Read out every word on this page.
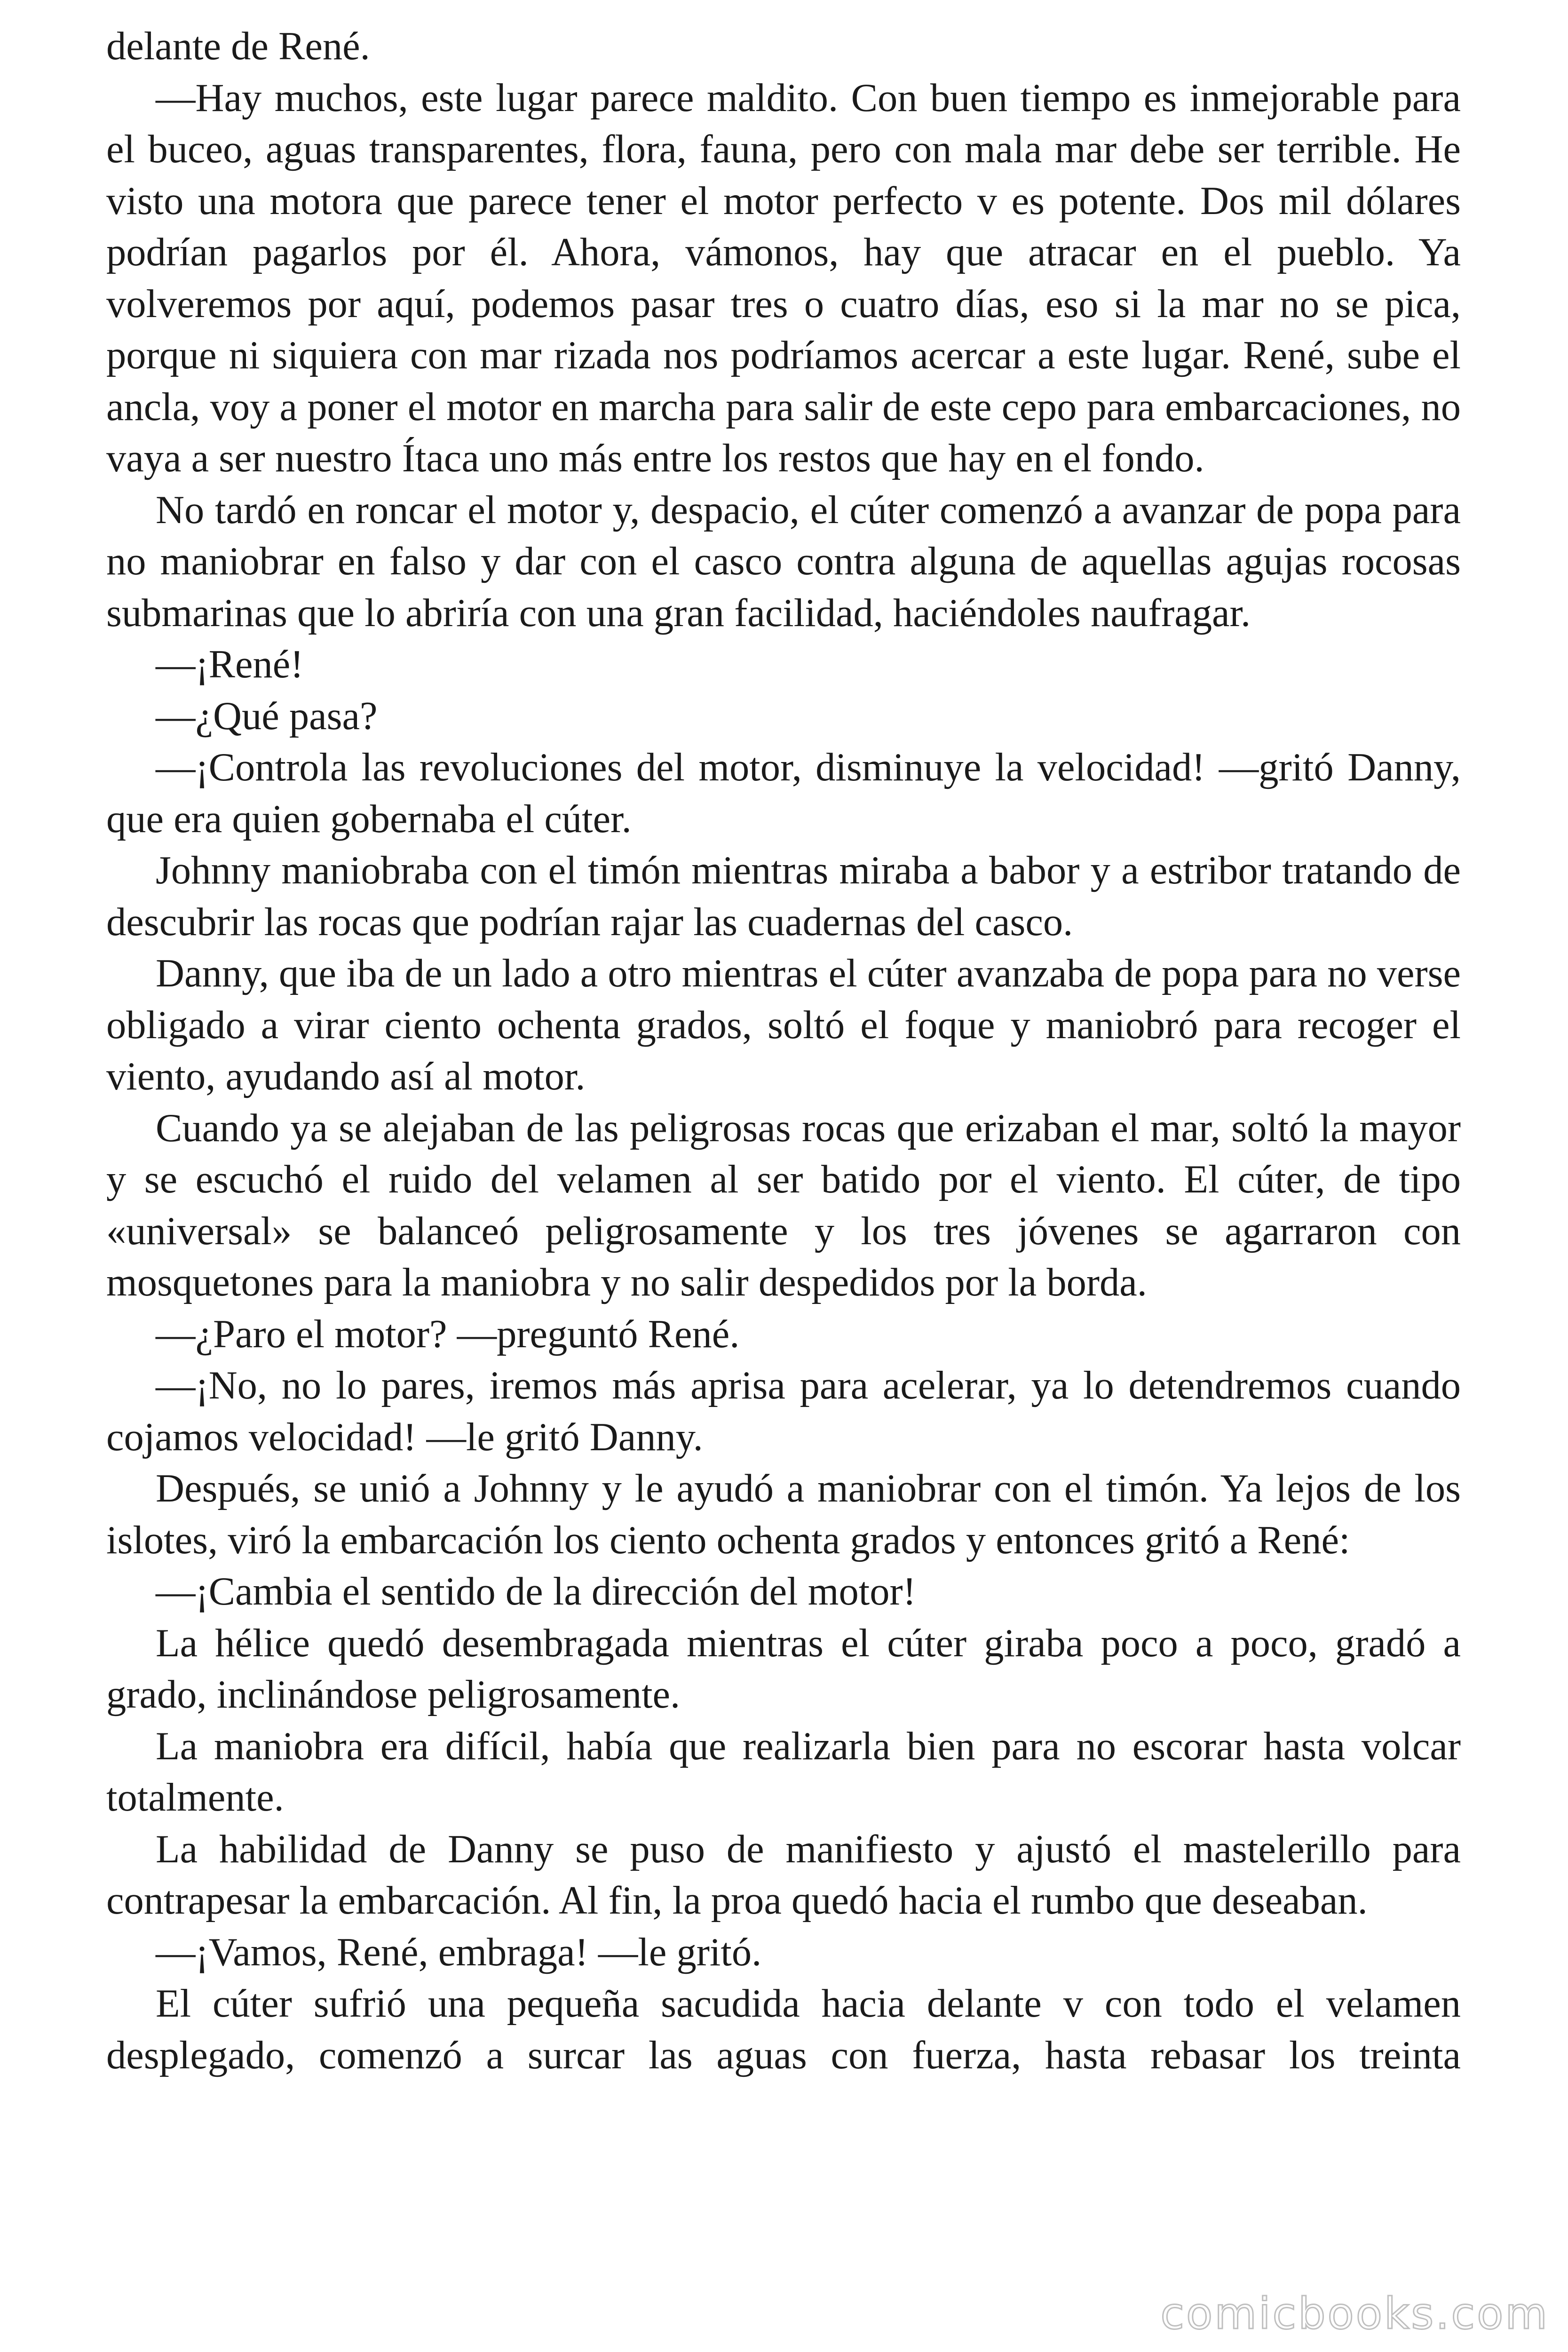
delante de René.

—Hay muchos, este lugar parece maldito. Con buen tiempo es inmejorable para el buceo, aguas transparentes, flora, fauna, pero con mala mar debe ser terrible. He visto una motora que parece tener el motor perfecto v es potente. Dos mil dólares podrían pagarlos por él. Ahora, vámonos, hay que atracar en el pueblo. Ya volveremos por aquí, podemos pasar tres o cuatro días, eso si la mar no se pica, porque ni siquiera con mar rizada nos podríamos acercar a este lugar. René, sube el ancla, voy a poner el motor en marcha para salir de este cepo para embarcaciones, no vaya a ser nuestro Ítaca uno más entre los restos que hay en el fondo.

No tardó en roncar el motor y, despacio, el cúter comenzó a avanzar de popa para no maniobrar en falso y dar con el casco contra alguna de aquellas agujas rocosas submarinas que lo abriría con una gran facilidad, haciéndoles naufragar.

—¡René!

—¿Qué pasa?

—¡Controla las revoluciones del motor, disminuye la velocidad! —gritó Danny, que era quien gobernaba el cúter.

Johnny maniobraba con el timón mientras miraba a babor y a estribor tratando de descubrir las rocas que podrían rajar las cuadernas del casco.

Danny, que iba de un lado a otro mientras el cúter avanzaba de popa para no verse obligado a virar ciento ochenta grados, soltó el foque y maniobró para recoger el viento, ayudando así al motor.

Cuando ya se alejaban de las peligrosas rocas que erizaban el mar, soltó la mayor y se escuchó el ruido del velamen al ser batido por el viento. El cúter, de tipo «universal» se balanceó peligrosamente y los tres jóvenes se agarraron con mosquetones para la maniobra y no salir despedidos por la borda.

—¿Paro el motor? —preguntó René.

—¡No, no lo pares, iremos más aprisa para acelerar, ya lo detendremos cuando cojamos velocidad! —le gritó Danny.

Después, se unió a Johnny y le ayudó a maniobrar con el timón. Ya lejos de los islotes, viró la embarcación los ciento ochenta grados y entonces gritó a René:

—¡Cambia el sentido de la dirección del motor!

La hélice quedó desembragada mientras el cúter giraba poco a poco, gradó a grado, inclinándose peligrosamente.

La maniobra era difícil, había que realizarla bien para no escorar hasta volcar totalmente.

La habilidad de Danny se puso de manifiesto y ajustó el mastelerillo para contrapesar la embarcación. Al fin, la proa quedó hacia el rumbo que deseaban.

—¡Vamos, René, embraga! —le gritó.

El cúter sufrió una pequeña sacudida hacia delante v con todo el velamen desplegado, comenzó a surcar las aguas con fuerza, hasta rebasar los treinta

comicbooks.com
